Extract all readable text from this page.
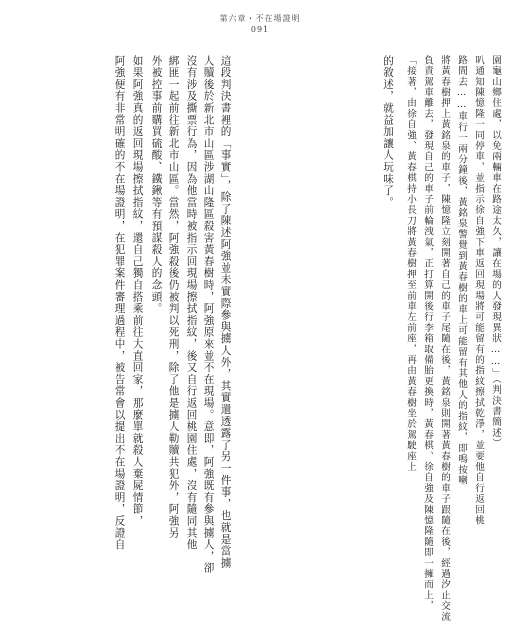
第六章・不在場證明
091
的敘述，就益加讓人玩味了。 「接著，由徐自強、黃春棋持小長刀將黃春樹押至前車左前座，再由黃春樹坐於駕駛座上 負責駕車離去，發現自己的車子前輪洩氣，正打算開後行李箱取備胎更換時，黃春棋、徐自強及陳憶隆隨即一擁而上， 將黃春樹押上黃銘泉的車子，陳憶隆立刻開著自己的車子尾隨在後，黃銘泉則開著黃春樹的車子跟隨在後，經過汐止交流 路間去……車行一兩分鐘後，黃銘泉警覺到黃春樹的車上可能留有其他人的指紋，即鳴按喇 叭通知陳憶隆一同停車，並指示徐自強下車返回現場將可能留有的指紋擦拭乾淨，並要他自行返回桃 園龜山鄉住處，以免兩輛車在路途太久，讓在場的人發現異狀……」（判決書簡述）
這段判決書裡的「事實」，除了陳述阿強並未實際參與擄人外，其實還透露了另一件事，也就是當擄
人贖後於新北市山區涉湖山隆區殺害黃春樹時，阿強原來並不在現場。意即，阿強既有參與擄人，卻
沒有涉及撕票行為，因為他當時被指示回現場擦拭指紋，後又自行返回桃園住處，沒有隨同其他
綁匪一起前往新北市山區。當然，阿強殺後仍被判以死刑，除了他是擄人勒贖共犯外，阿強另
外被控事前購買硫酸、鐵鍬等有預謀殺人的念頭。
如果阿強真的返回現場擦拭指紋，還自己獨自搭乘前往大直回家，那麼單就殺人棄屍情節，
阿強便有非常明確的不在場證明，在犯罪案件審理過程中，被告常會以提出不在場證明，反證自
